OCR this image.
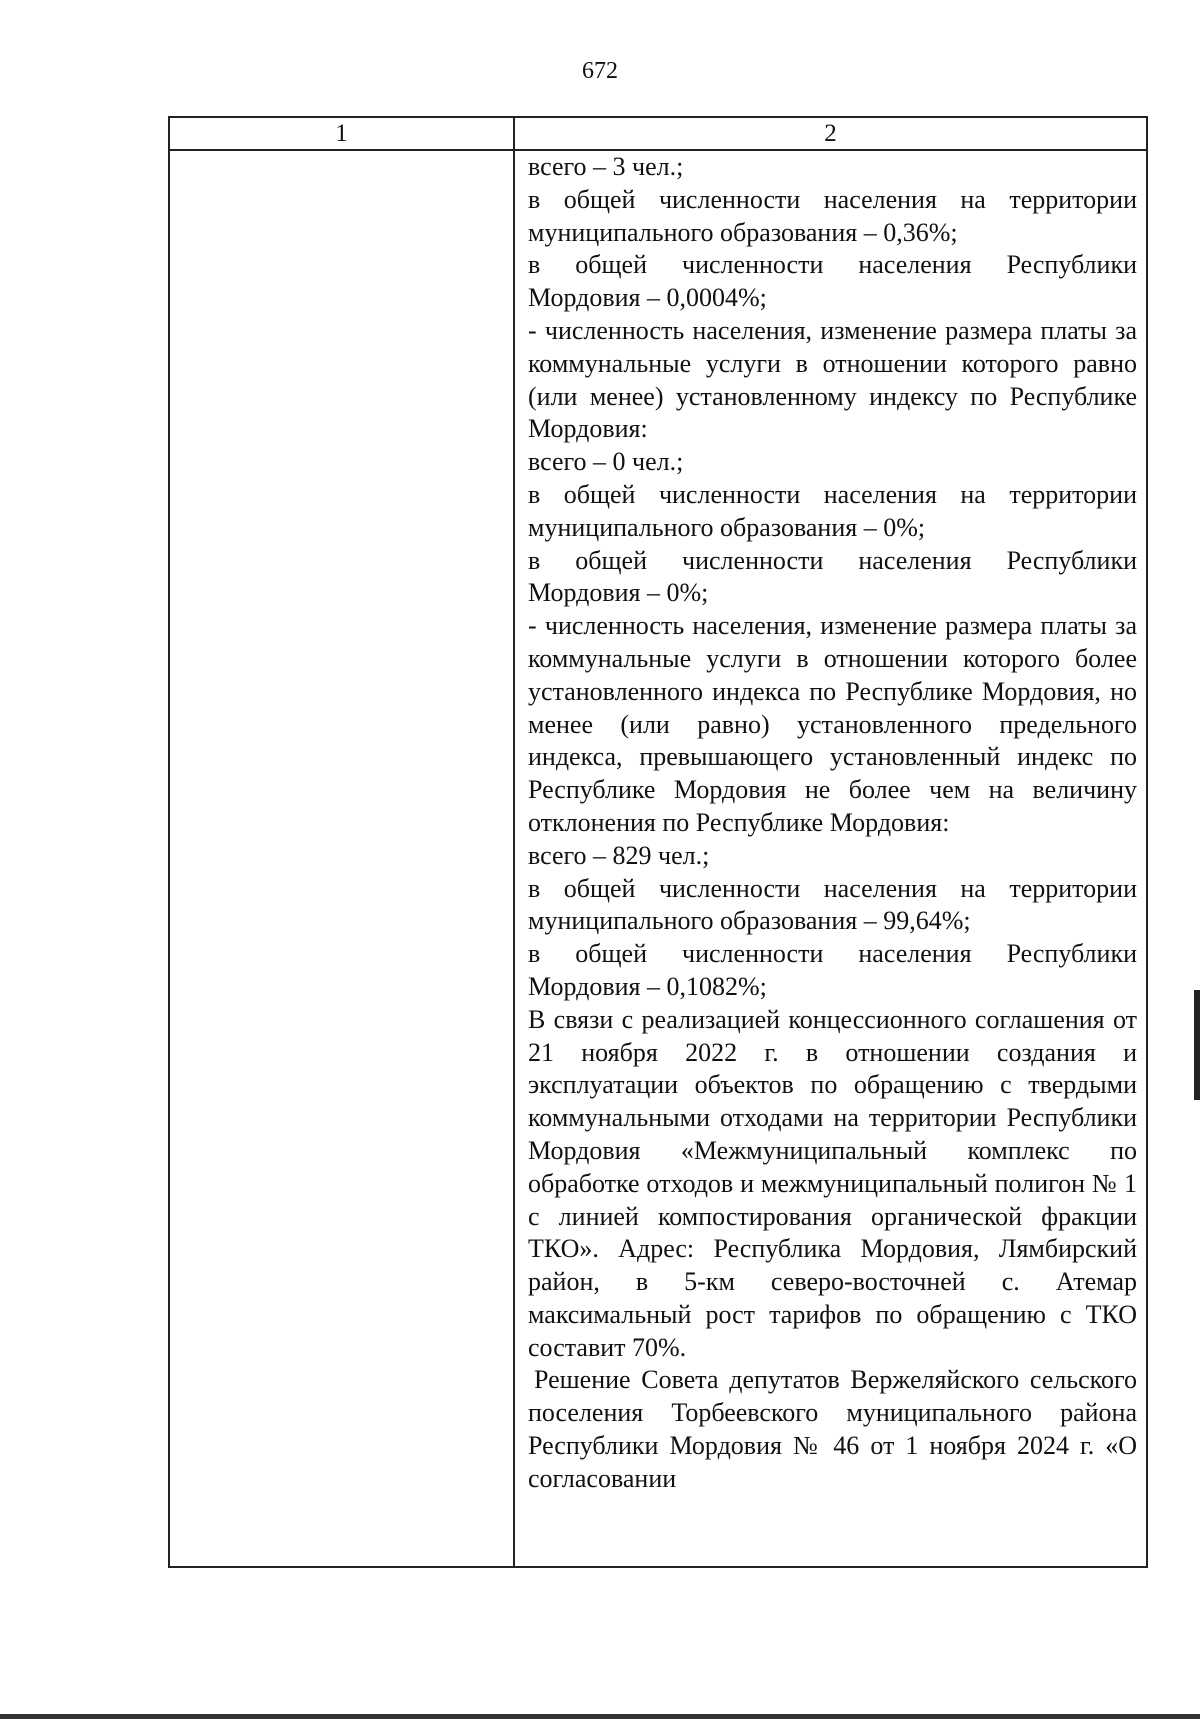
672
1	2

всего – 3 чел.;

в общей численности населения на территории муниципального образования – 0,36%;

в общей численности населения Республики Мордовия – 0,0004%;

- численность населения, изменение размера платы за коммунальные услуги в отношении которого равно (или менее) установленному индексу по Республике Мордовия:

всего – 0 чел.;

в общей численности населения на территории муниципального образования – 0%;

в общей численности населения Республики Мордовия – 0%;

- численность населения, изменение размера платы за коммунальные услуги в отношении которого более установленного индекса по Республике Мордовия, но менее (или равно) установленного предельного индекса, превышающего установленный индекс по Республике Мордовия не более чем на величину отклонения по Республике Мордовия:

всего – 829 чел.;

в общей численности населения на территории муниципального образования – 99,64%;

в общей численности населения Республики Мордовия – 0,1082%;

В связи с реализацией концессионного соглашения от 21 ноября 2022 г. в отношении создания и эксплуатации объектов по обращению с твердыми коммунальными отходами на территории Республики Мордовия «Межмуниципальный комплекс по обработке отходов и межмуниципальный полигон № 1 с линией компостирования органической фракции ТКО». Адрес: Республика Мордовия, Лямбирский район, в 5-км северо-восточней с. Атемар максимальный рост тарифов по обращению с ТКО составит 70%.

Решение Совета депутатов Вержеляйского сельского поселения Торбеевского муниципального района Республики Мордовия № 46 от 1 ноября 2024 г. «О согласовании
